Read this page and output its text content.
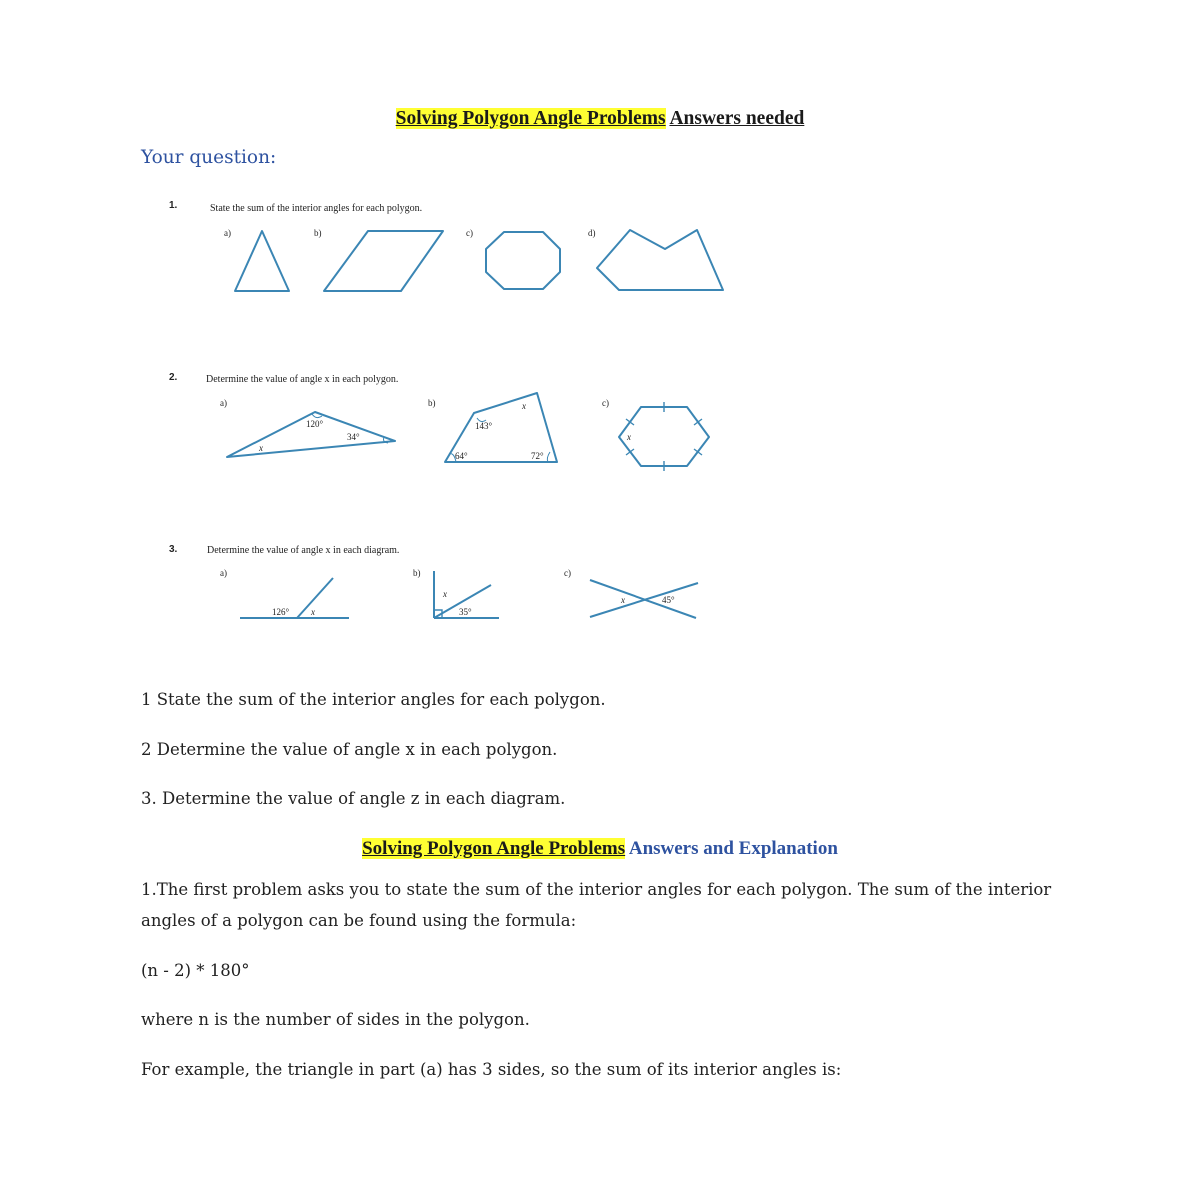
Solving Polygon Angle Problems Answers needed
Your question:
1.	State the sum of the interior angles for each polygon.
a)	b)	c)	d)
2.	Determine the value of angle x in each polygon.
a)	b)	c)
3.	Determine the value of angle x in each diagram.
a)	b)	c)
120°
34°
x
143°
64°	72°
x
x
126° x	35°
x
45°
x
1 State the sum of the interior angles for each polygon.
2 Determine the value of angle x in each polygon.
3. Determine the value of angle z in each diagram.
Solving Polygon Angle Problems Answers and Explanation
1.The first problem asks you to state the sum of the interior angles for each polygon. The sum of the interior angles of a polygon can be found using the formula:
(n - 2) * 180°
where n is the number of sides in the polygon.
For example, the triangle in part (a) has 3 sides, so the sum of its interior angles is:
